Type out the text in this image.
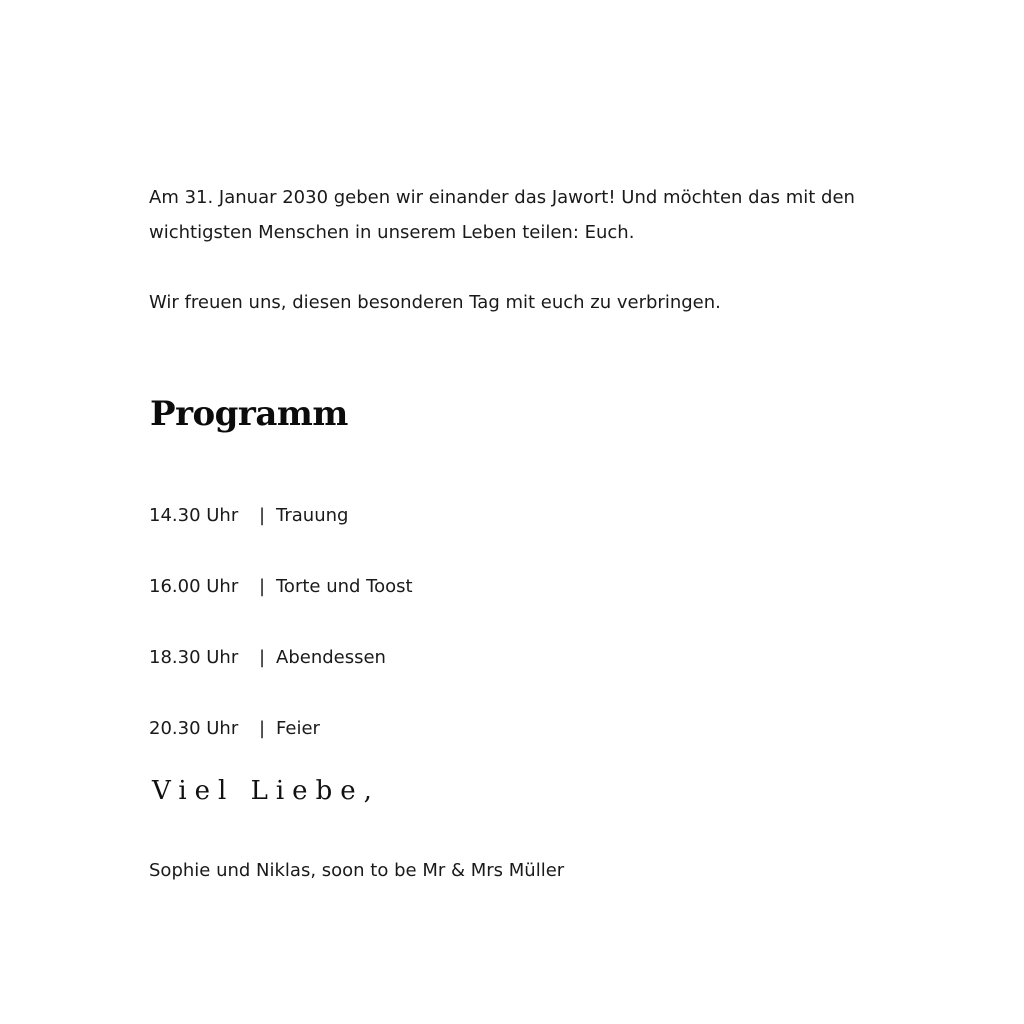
Am 31. Januar 2030 geben wir einander das Jawort! Und möchten das mit den
wichtigsten Menschen in unserem Leben teilen: Euch.

Wir freuen uns, diesen besonderen Tag mit euch zu verbringen.

Programm
14.30 Uhr	| Trauung
16.00 Uhr	| Torte und Toost
18.30 Uhr	| Abendessen
20.30 Uhr	| Feier

Viel Liebe,

Sophie und Niklas, soon to be Mr & Mrs Müller
